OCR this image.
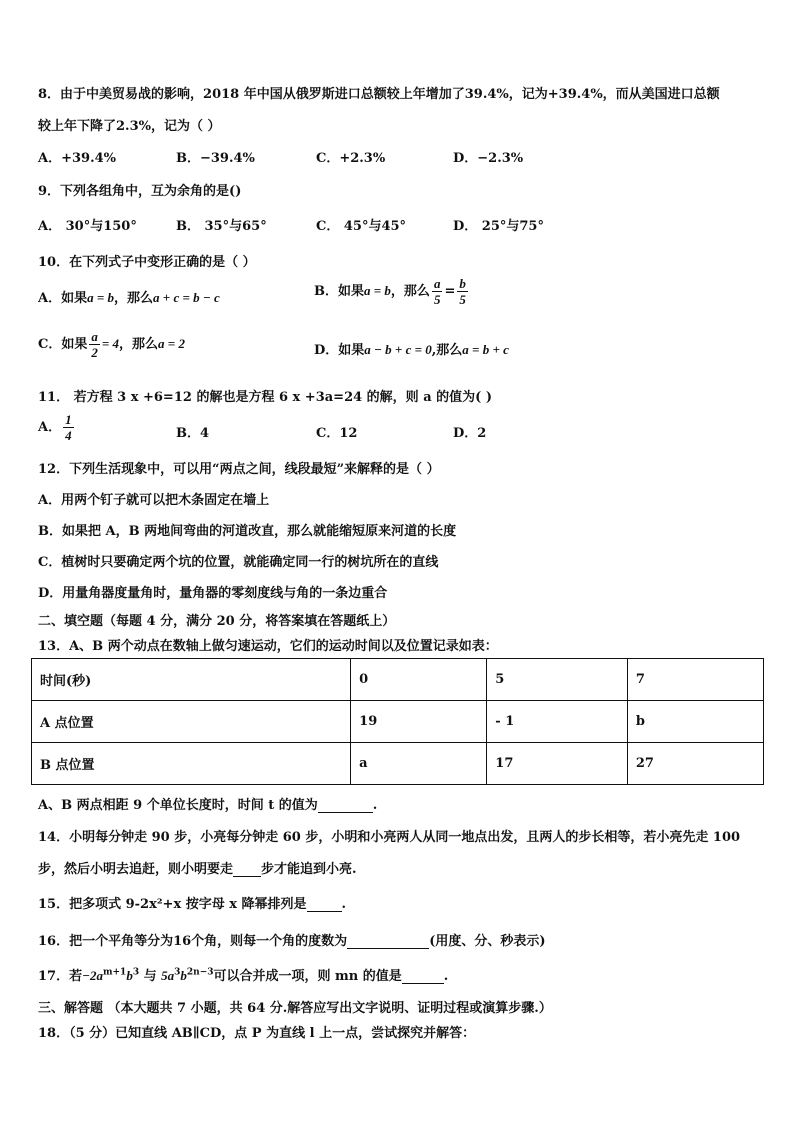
8．由于中美贸易战的影响，2018 年中国从俄罗斯进口总额较上年增加了39.4%，记为+39.4%，而从美国进口总额
较上年下降了2.3%，记为（ ）
A．+39.4%	B．−39.4%	C．+2.3%	D．−2.3%
9．下列各组角中，互为余角的是()
A． 30°与150°	B． 35°与65°	C． 45°与45°	D． 25°与75°
10．在下列式子中变形正确的是（ ）
A．如果a = b，那么a + c = b − c	B．如果a = b，那么 $\frac{a}{5} = \frac{b}{5}$
C．如果 $\frac{a}{2} = 4$，那么a = 2	D．如果a − b + c = 0,那么a = b + c
11． 若方程 3 x +6=12 的解也是方程 6 x +3a=24 的解，则 a 的值为( )
A． $\frac{1}{4}$	B．4	C．12	D．2
12．下列生活现象中，可以用“两点之间，线段最短”来解释的是（ ）
A．用两个钉子就可以把木条固定在墙上
B．如果把 A，B 两地间弯曲的河道改直，那么就能缩短原来河道的长度
C．植树时只要确定两个坑的位置，就能确定同一行的树坑所在的直线
D．用量角器度量角时，量角器的零刻度线与角的一条边重合
二、填空题（每题 4 分，满分 20 分，将答案填在答题纸上）
13．A、B 两个动点在数轴上做匀速运动，它们的运动时间以及位置记录如表：
时间(秒)	0	5	7
A 点位置	19	- 1	b
B 点位置	a	17	27
A、B 两点相距 9 个单位长度时，时间 t 的值为	.
14．小明每分钟走 90 步，小亮每分钟走 60 步，小明和小亮两人从同一地点出发，且两人的步长相等，若小亮先走 100
步，然后小明去追赶，则小明要走 步才能追到小亮.
15．把多项式 9-2x²+x 按字母 x 降幂排列是	.
16．把一个平角等分为16个角，则每一个角的度数为	(用度、分、秒表示)
17．若$-2a^{m+1}b^3$ 与 $5a^3b^{2n-3}$可以合并成一项，则 mn 的值是	.
三、解答题 （本大题共 7 小题，共 64 分.解答应写出文字说明、证明过程或演算步骤.）
18．（5 分）已知直线 AB∥CD，点 P 为直线 l 上一点，尝试探究并解答：
